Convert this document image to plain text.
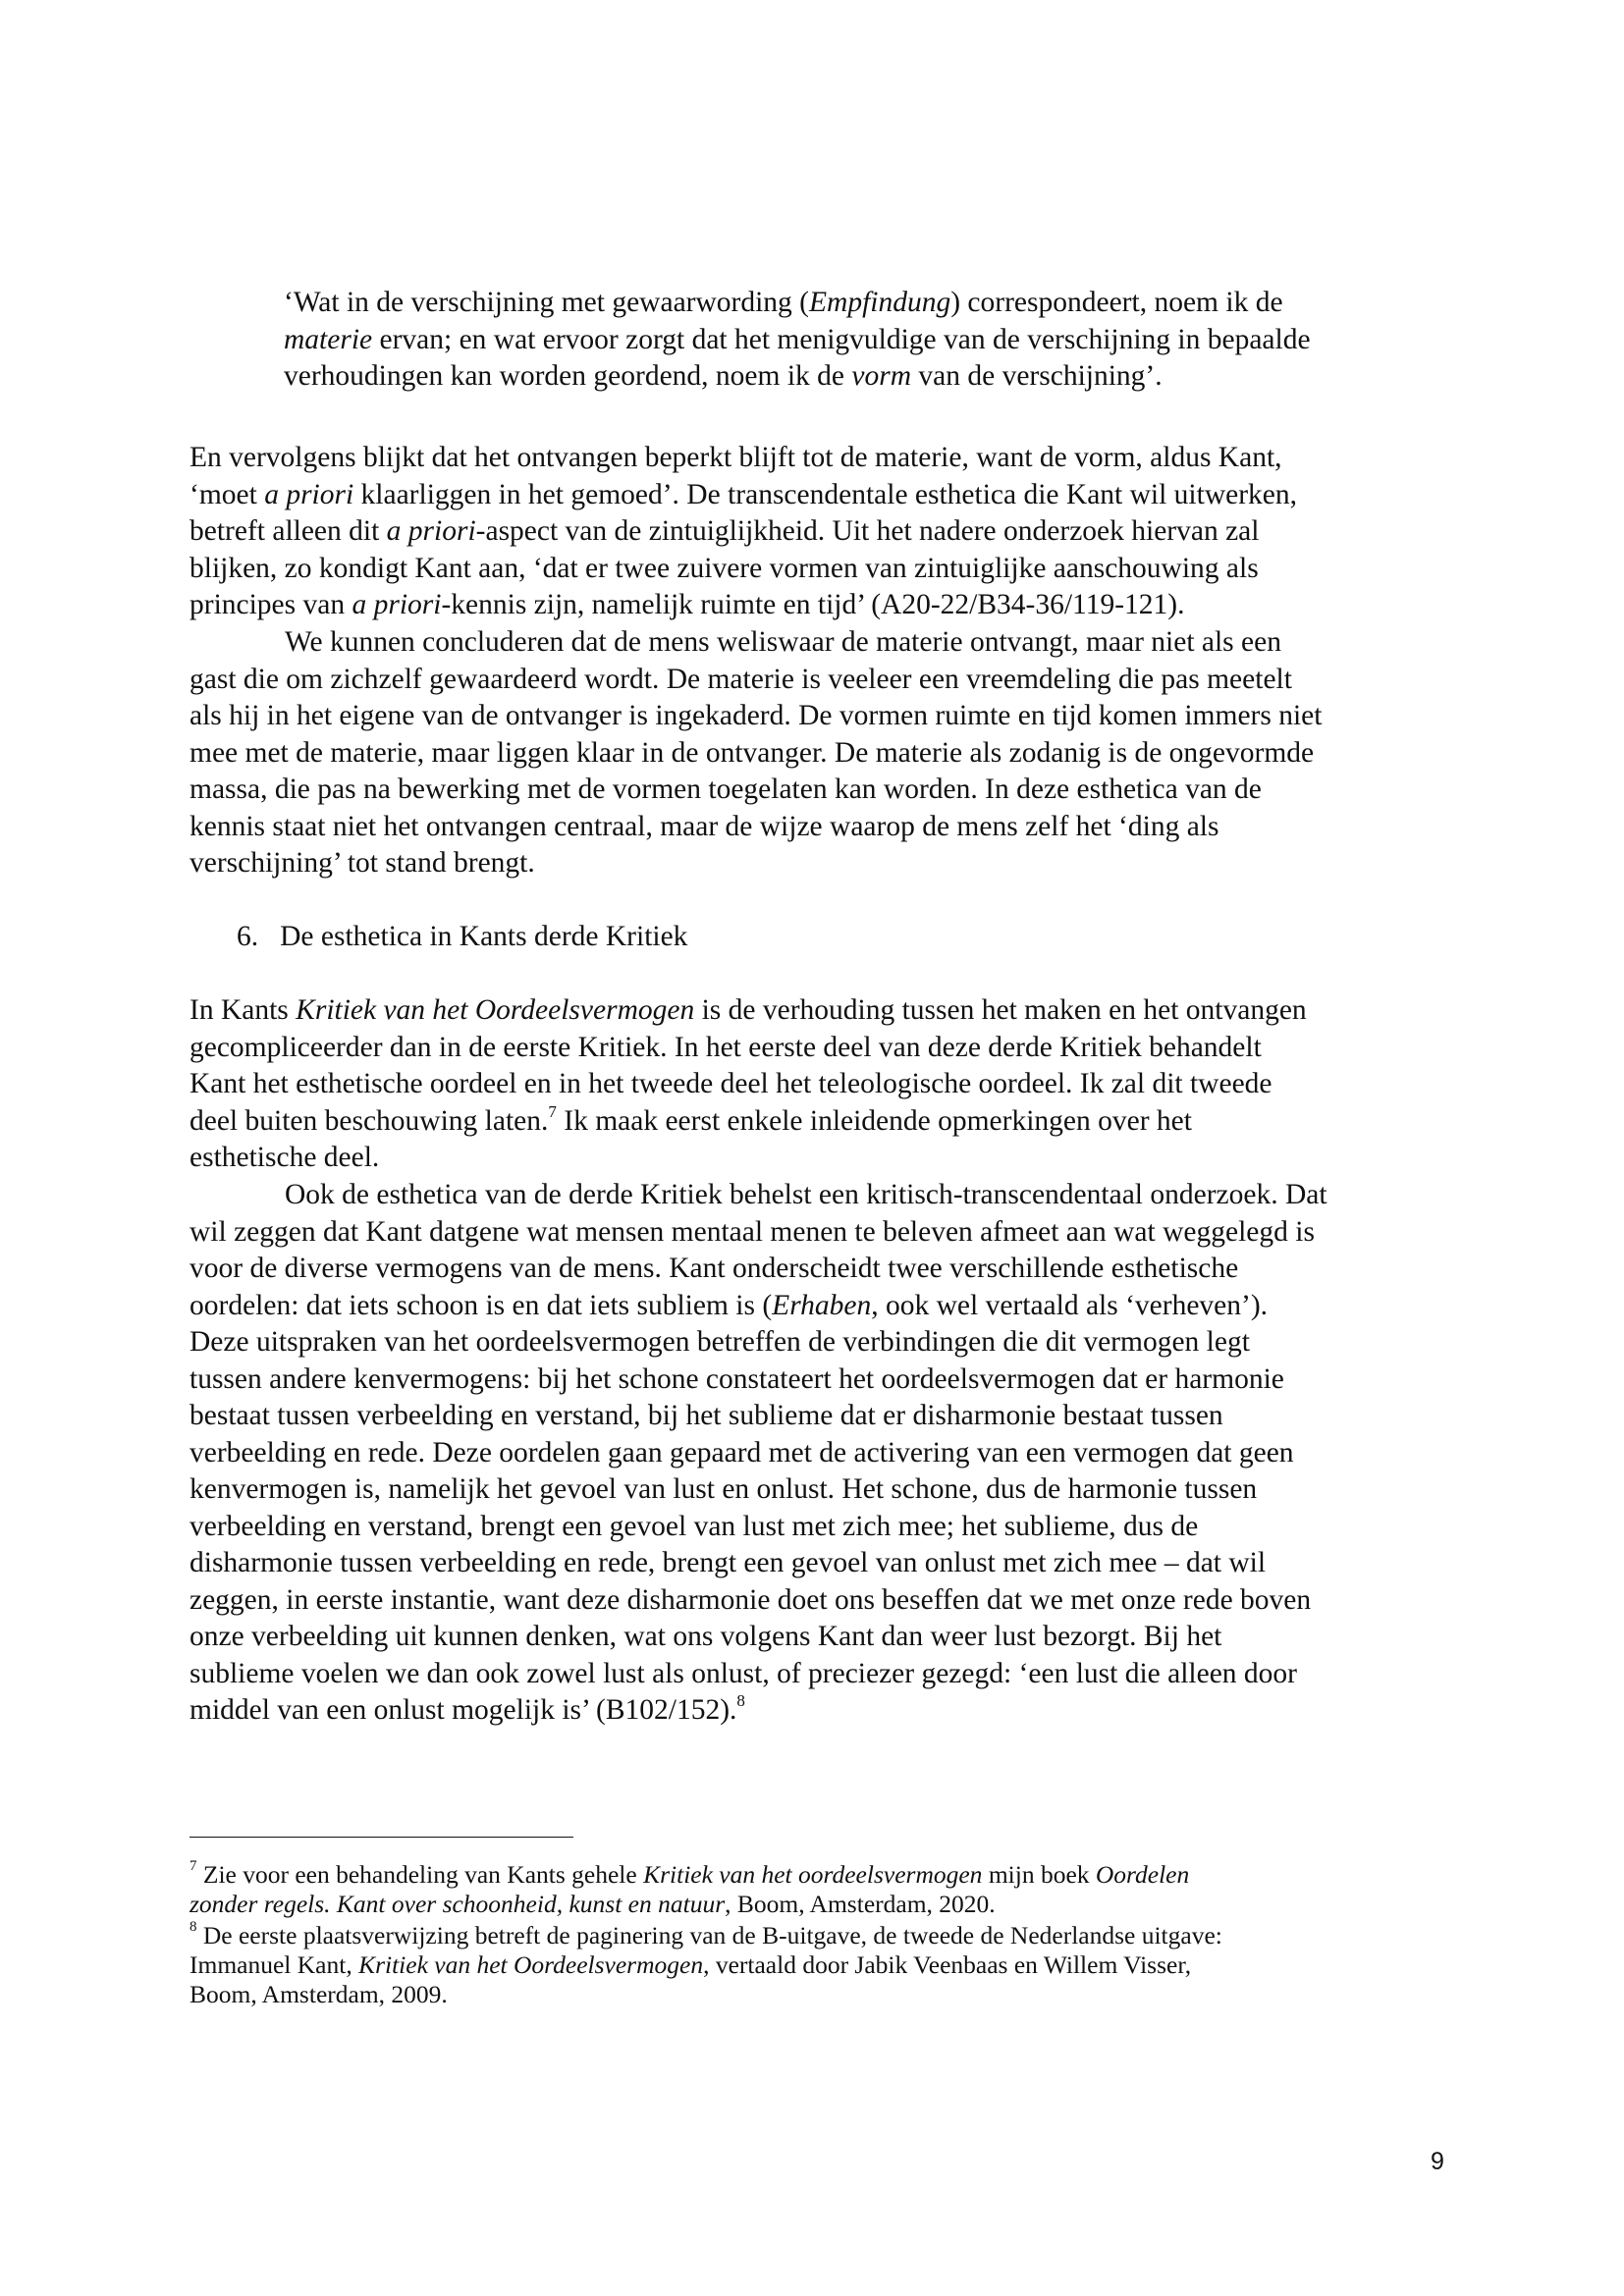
‘Wat in de verschijning met gewaarwording (Empfindung) correspondeert, noem ik de
materie ervan; en wat ervoor zorgt dat het menigvuldige van de verschijning in bepaalde
verhoudingen kan worden geordend, noem ik de vorm van de verschijning’.
En vervolgens blijkt dat het ontvangen beperkt blijft tot de materie, want de vorm, aldus Kant,
‘moet a priori klaarliggen in het gemoed’. De transcendentale esthetica die Kant wil uitwerken,
betreft alleen dit a priori-aspect van de zintuiglijkheid. Uit het nadere onderzoek hiervan zal
blijken, zo kondigt Kant aan, ‘dat er twee zuivere vormen van zintuiglijke aanschouwing als
principes van a priori-kennis zijn, namelijk ruimte en tijd’ (A20-22/B34-36/119-121).
We kunnen concluderen dat de mens weliswaar de materie ontvangt, maar niet als een
gast die om zichzelf gewaardeerd wordt. De materie is veeleer een vreemdeling die pas meetelt
als hij in het eigene van de ontvanger is ingekaderd. De vormen ruimte en tijd komen immers niet
mee met de materie, maar liggen klaar in de ontvanger. De materie als zodanig is de ongevormde
massa, die pas na bewerking met de vormen toegelaten kan worden. In deze esthetica van de
kennis staat niet het ontvangen centraal, maar de wijze waarop de mens zelf het ‘ding als
verschijning’ tot stand brengt.
6. De esthetica in Kants derde Kritiek
In Kants Kritiek van het Oordeelsvermogen is de verhouding tussen het maken en het ontvangen
gecompliceerder dan in de eerste Kritiek. In het eerste deel van deze derde Kritiek behandelt
Kant het esthetische oordeel en in het tweede deel het teleologische oordeel. Ik zal dit tweede
deel buiten beschouwing laten.$^7$ Ik maak eerst enkele inleidende opmerkingen over het
esthetische deel.
Ook de esthetica van de derde Kritiek behelst een kritisch-transcendentaal onderzoek. Dat
wil zeggen dat Kant datgene wat mensen mentaal menen te beleven afmeet aan wat weggelegd is
voor de diverse vermogens van de mens. Kant onderscheidt twee verschillende esthetische
oordelen: dat iets schoon is en dat iets subliem is (Erhaben, ook wel vertaald als ‘verheven’).
Deze uitspraken van het oordeelsvermogen betreffen de verbindingen die dit vermogen legt
tussen andere kenvermogens: bij het schone constateert het oordeelsvermogen dat er harmonie
bestaat tussen verbeelding en verstand, bij het sublieme dat er disharmonie bestaat tussen
verbeelding en rede. Deze oordelen gaan gepaard met de activering van een vermogen dat geen
kenvermogen is, namelijk het gevoel van lust en onlust. Het schone, dus de harmonie tussen
verbeelding en verstand, brengt een gevoel van lust met zich mee; het sublieme, dus de
disharmonie tussen verbeelding en rede, brengt een gevoel van onlust met zich mee – dat wil
zeggen, in eerste instantie, want deze disharmonie doet ons beseffen dat we met onze rede boven
onze verbeelding uit kunnen denken, wat ons volgens Kant dan weer lust bezorgt. Bij het
sublieme voelen we dan ook zowel lust als onlust, of preciezer gezegd: ‘een lust die alleen door
middel van een onlust mogelijk is’ (B102/152).$^8$
$^7$ Zie voor een behandeling van Kants gehele Kritiek van het oordeelsvermogen mijn boek Oordelen
zonder regels. Kant over schoonheid, kunst en natuur, Boom, Amsterdam, 2020.
$^8$ De eerste plaatsverwijzing betreft de paginering van de B-uitgave, de tweede de Nederlandse uitgave:
Immanuel Kant, Kritiek van het Oordeelsvermogen, vertaald door Jabik Veenbaas en Willem Visser,
Boom, Amsterdam, 2009.
9
